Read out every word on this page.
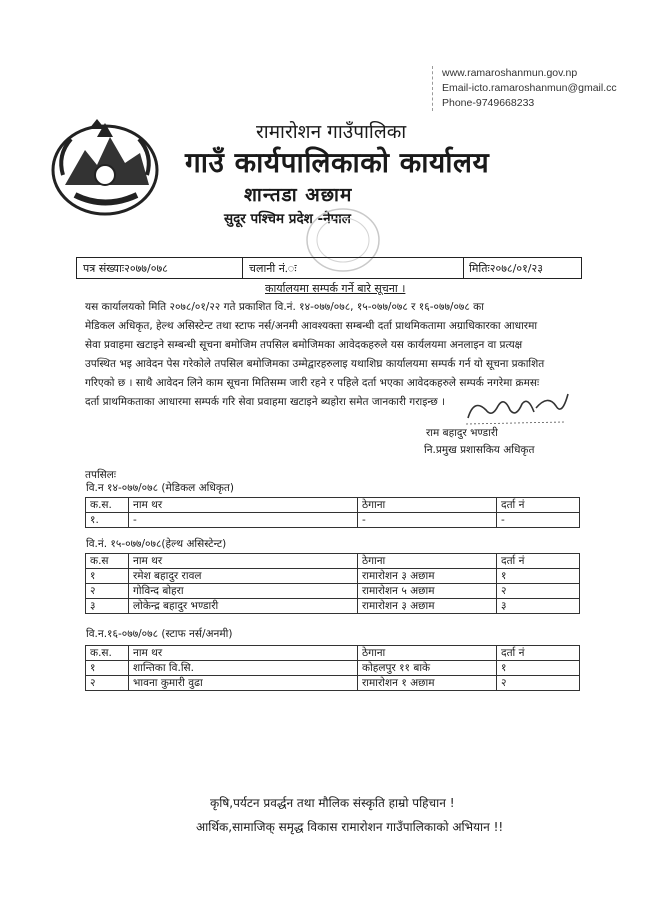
www.ramaroshanmun.gov.np
Email-icto.ramaroshanmun@gmail.cc
Phone-9749668233
रामारोशन गाउँपालिका
गाउँ कार्यपालिकाको कार्यालय
शान्तडा अछाम
सुदूर पश्चिम प्रदेश -नेपाल
पत्र संख्याः२०७७/०७८	चलानी नं.ः	मितिः२०७८/०१/२३
कार्यालयमा सम्पर्क गर्ने बारे सूचना ।
यस कार्यालयको मिति २०७८/०१/२२ गते प्रकाशित वि.नं. १४-०७७/०७८, १५-०७७/०७८ र १६-०७७/०७८ का
मेडिकल अधिकृत, हेल्थ असिस्टेन्ट तथा स्टाफ नर्स/अनमी आवश्यक्ता सम्बन्धी दर्ता प्राथमिकतामा अग्राधिकारका आधारमा
सेवा प्रवाहमा खटाइने सम्बन्धी सूचना बमोजिम तपसिल बमोजिमका आवेदकहरुले यस कार्यलयमा अनलाइन वा प्रत्यक्ष
उपस्थित भइ आवेदन पेस गरेकोले तपसिल बमोजिमका उम्मेद्वारहरुलाइ यथाशिघ्र कार्यालयमा सम्पर्क गर्न यो सूचना प्रकाशित
गरिएको छ । साथै आवेदन लिने काम सूचना मितिसम्म जारी रहने र पहिले दर्ता भएका आवेदकहरुले सम्पर्क नगरेमा क्रमसः
दर्ता प्राथमिकताका आधारमा सम्पर्क गरि सेवा प्रवाहमा खटाइने ब्यहोरा समेत जानकारी गराइन्छ ।
राम बहादुर भण्डारी
नि.प्रमुख प्रशासकिय अधिकृत
तपसिलः
वि.न १४-०७७/०७८ (मेडिकल अधिकृत)
क.स.	नाम थर	ठेगाना	दर्ता नं
१.	-	-	-
वि.नं. १५-०७७/०७८(हेल्थ असिस्टेन्ट)
क.स	नाम थर	ठेगाना	दर्ता नं
१	रमेश बहादुर रावल	रामारोशन ३ अछाम	१
२	गोविन्द बोहरा	रामारोशन ५ अछाम	२
३	लोकेन्द्र बहादुर भण्डारी	रामारोशन ३ अछाम	३
वि.न.१६-०७७/०७८ (स्टाफ नर्स/अनमी)
क.स.	नाम थर	ठेगाना	दर्ता नं
१	शान्तिका वि.सि.	कोहलपुर ११ बाके	१
२	भावना कुमारी वुढा	रामारोशन १ अछाम	२
कृषि,पर्यटन प्रवर्द्धन तथा मौलिक संस्कृति हाम्रो पहिचान !
आर्थिक,सामाजिक् समृद्ध विकास रामारोशन गाउँपालिकाको अभियान !!
